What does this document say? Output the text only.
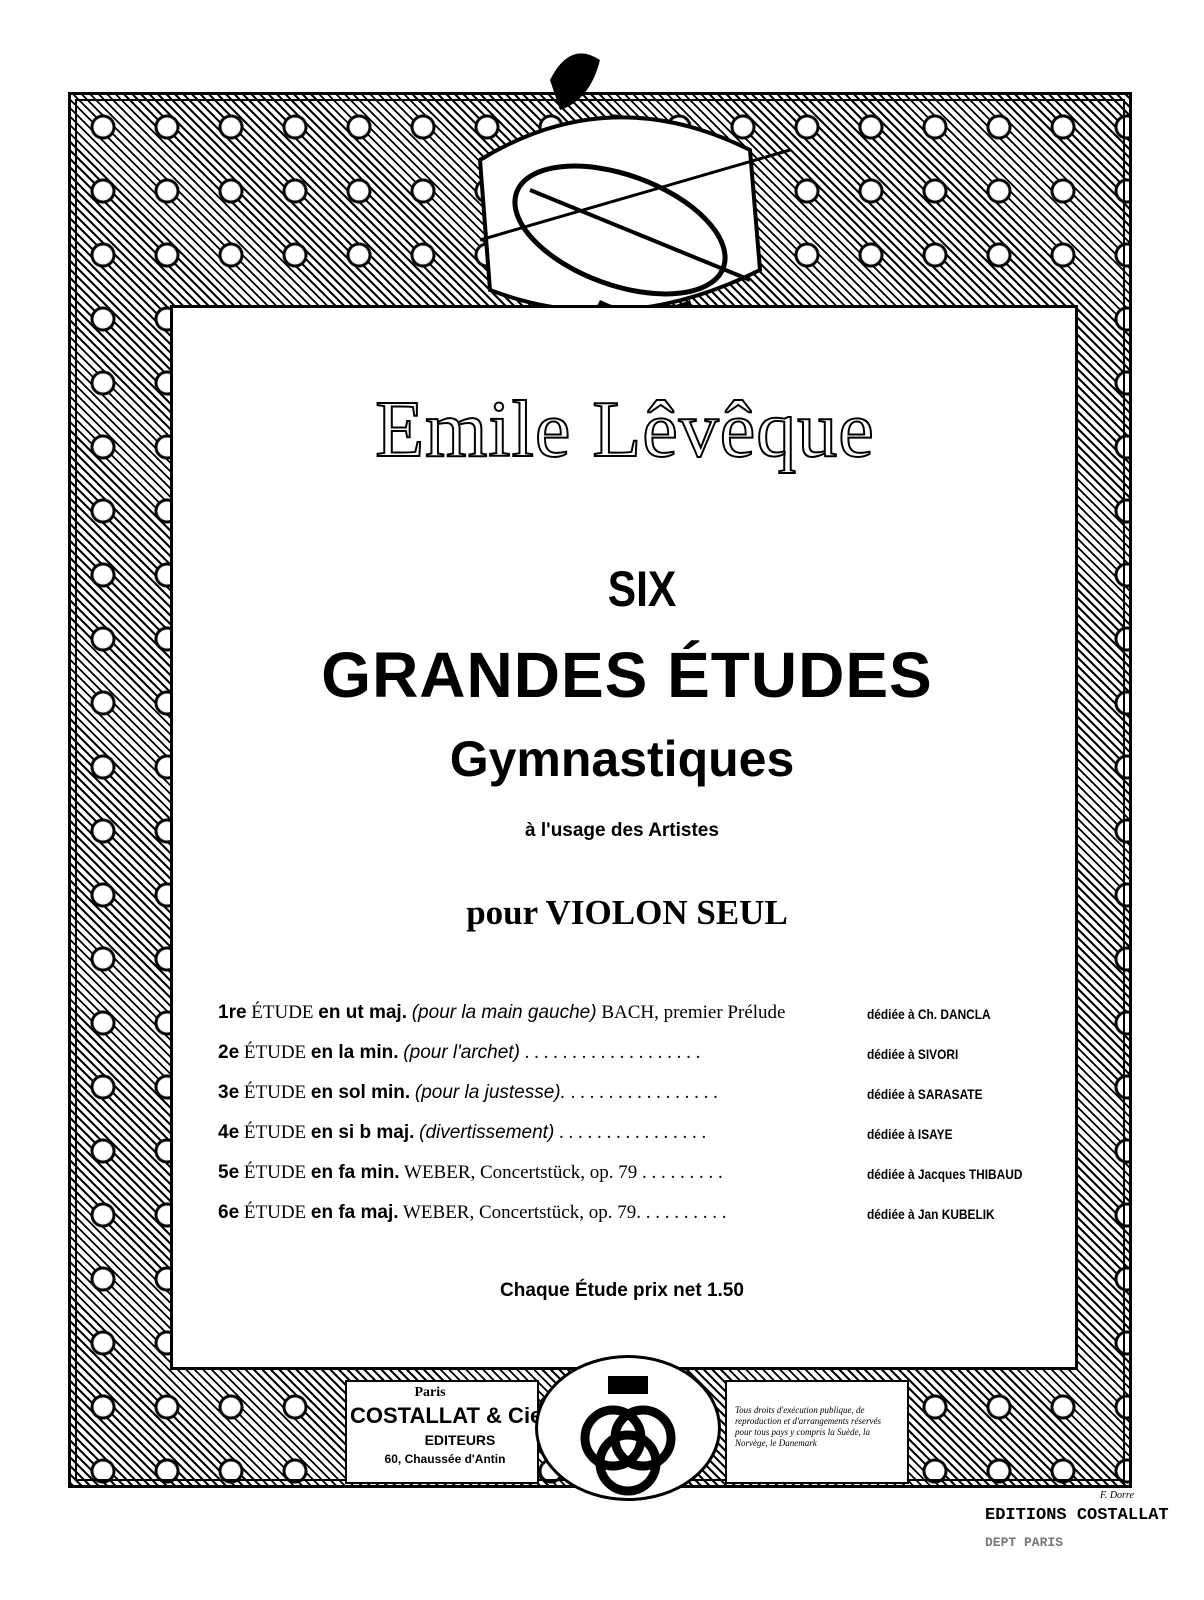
Emile Lêvêque
SIX
GRANDES ÉTUDES
Gymnastiques
à l'usage des Artistes
pour VIOLON SEUL
1re ÉTUDE en ut maj. (pour la main gauche) BACH, premier Prélude	dédiée à Ch. DANCLA
2e ÉTUDE en la min. (pour l'archet) . . . . . . . . . . . . . . . . . . .	dédiée à SIVORI
3e ÉTUDE en sol min. (pour la justesse). . . . . . . . . . . . . . . . .	dédiée à SARASATE
4e ÉTUDE en si b maj. (divertissement) . . . . . . . . . . . . . . . .	dédiée à ISAYE
5e ÉTUDE en fa min. WEBER, Concertstück, op. 79 . . . . . . . . .	dédiée à Jacques THIBAUD
6e ÉTUDE en fa maj. WEBER, Concertstück, op. 79. . . . . . . . . .	dédiée à Jan KUBELIK
Chaque Étude prix net 1.50
Paris
COSTALLAT & Cie
EDITEURS
60, Chaussée d'Antin
Tous droits d'exécution publique, de reproduction et d'arrangements réservés pour tous pays y compris la Suède, la Norvège, le Danemark
F. Dorre
EDITIONS COSTALLAT
DEPT PARIS
